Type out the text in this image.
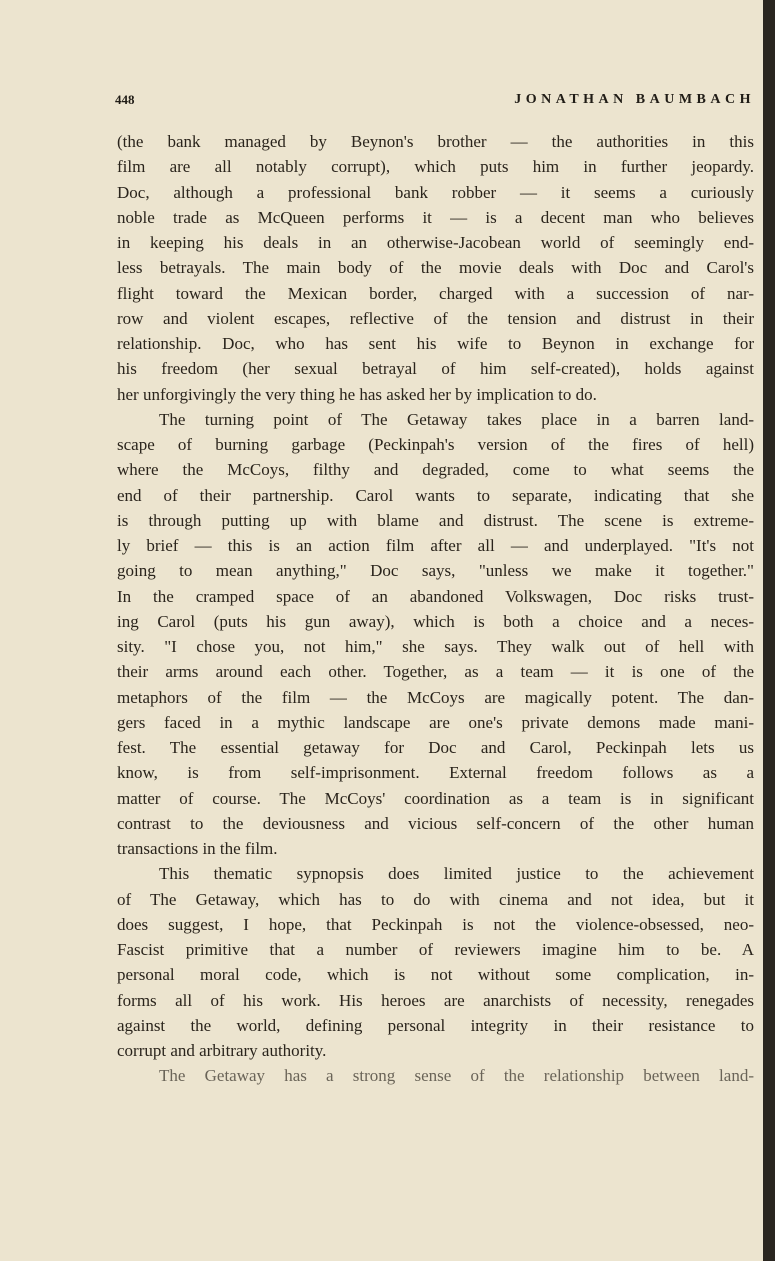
448	JONATHAN BAUMBACH
(the bank managed by Beynon's brother — the authorities in this
film are all notably corrupt), which puts him in further jeopardy.
Doc, although a professional bank robber — it seems a curiously
noble trade as McQueen performs it — is a decent man who believes
in keeping his deals in an otherwise-Jacobean world of seemingly end-
less betrayals. The main body of the movie deals with Doc and Carol's
flight toward the Mexican border, charged with a succession of nar-
row and violent escapes, reflective of the tension and distrust in their
relationship. Doc, who has sent his wife to Beynon in exchange for
his freedom (her sexual betrayal of him self-created), holds against
her unforgivingly the very thing he has asked her by implication to do.
The turning point of The Getaway takes place in a barren land-
scape of burning garbage (Peckinpah's version of the fires of hell)
where the McCoys, filthy and degraded, come to what seems the
end of their partnership. Carol wants to separate, indicating that she
is through putting up with blame and distrust. The scene is extreme-
ly brief — this is an action film after all — and underplayed. "It's not
going to mean anything," Doc says, "unless we make it together."
In the cramped space of an abandoned Volkswagen, Doc risks trust-
ing Carol (puts his gun away), which is both a choice and a neces-
sity. "I chose you, not him," she says. They walk out of hell with
their arms around each other. Together, as a team — it is one of the
metaphors of the film — the McCoys are magically potent. The dan-
gers faced in a mythic landscape are one's private demons made mani-
fest. The essential getaway for Doc and Carol, Peckinpah lets us
know, is from self-imprisonment. External freedom follows as a
matter of course. The McCoys' coordination as a team is in significant
contrast to the deviousness and vicious self-concern of the other human
transactions in the film.
This thematic sypnopsis does limited justice to the achievement
of The Getaway, which has to do with cinema and not idea, but it
does suggest, I hope, that Peckinpah is not the violence-obsessed, neo-
Fascist primitive that a number of reviewers imagine him to be. A
personal moral code, which is not without some complication, in-
forms all of his work. His heroes are anarchists of necessity, renegades
against the world, defining personal integrity in their resistance to
corrupt and arbitrary authority.
The Getaway has a strong sense of the relationship between land-
